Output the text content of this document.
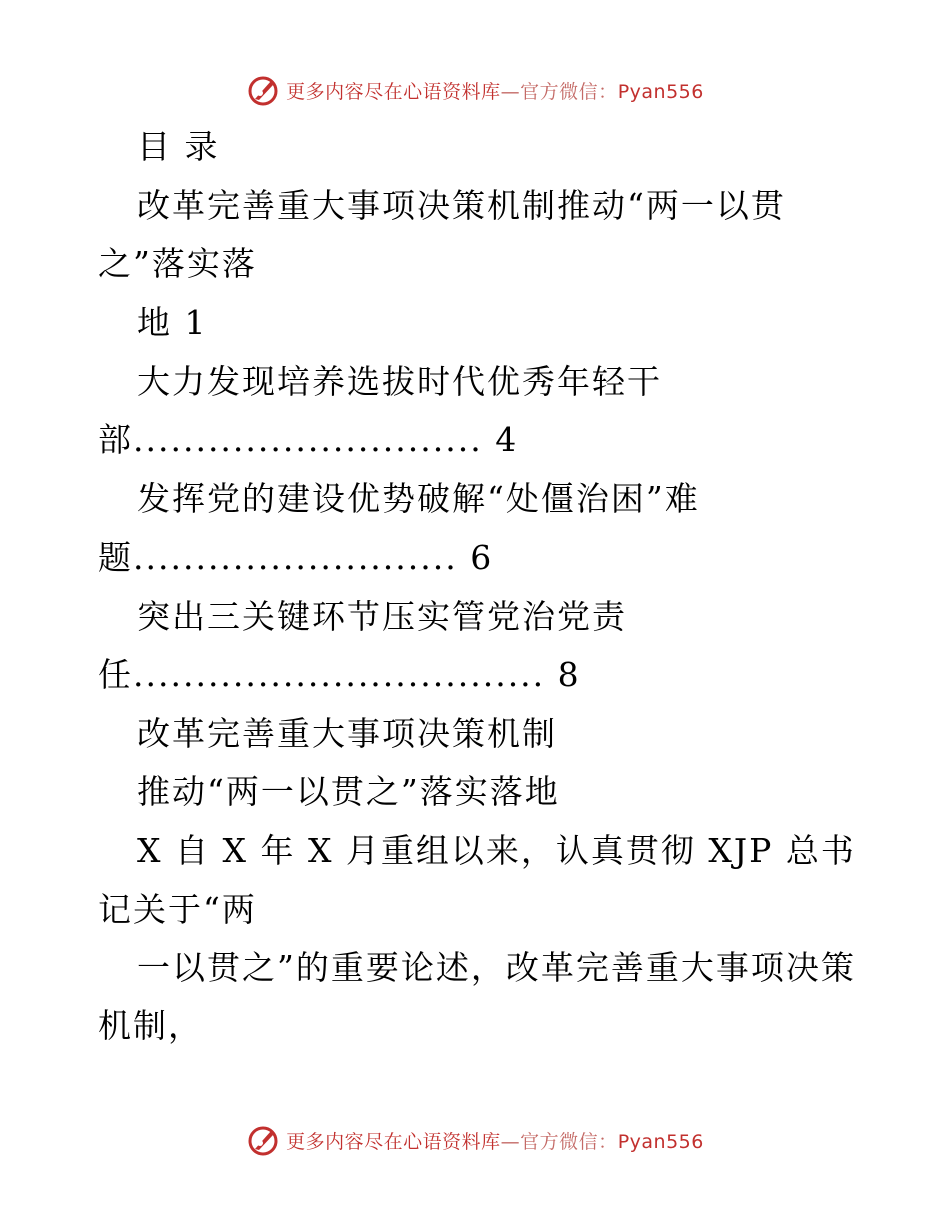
更多内容尽在心语资料库—官方微信：Pyan556
目 录
改革完善重大事项决策机制推动“两一以贯
之”落实落
地 1
大力发现培养选拔时代优秀年轻干
部............................ 4
发挥党的建设优势破解“处僵治困”难
题.......................... 6
突出三关键环节压实管党治党责
任................................. 8
改革完善重大事项决策机制
推动“两一以贯之”落实落地
X 自 X 年 X 月重组以来，认真贯彻 XJP 总书
记关于“两
一以贯之”的重要论述，改革完善重大事项决策
机制，
更多内容尽在心语资料库—官方微信：Pyan556
